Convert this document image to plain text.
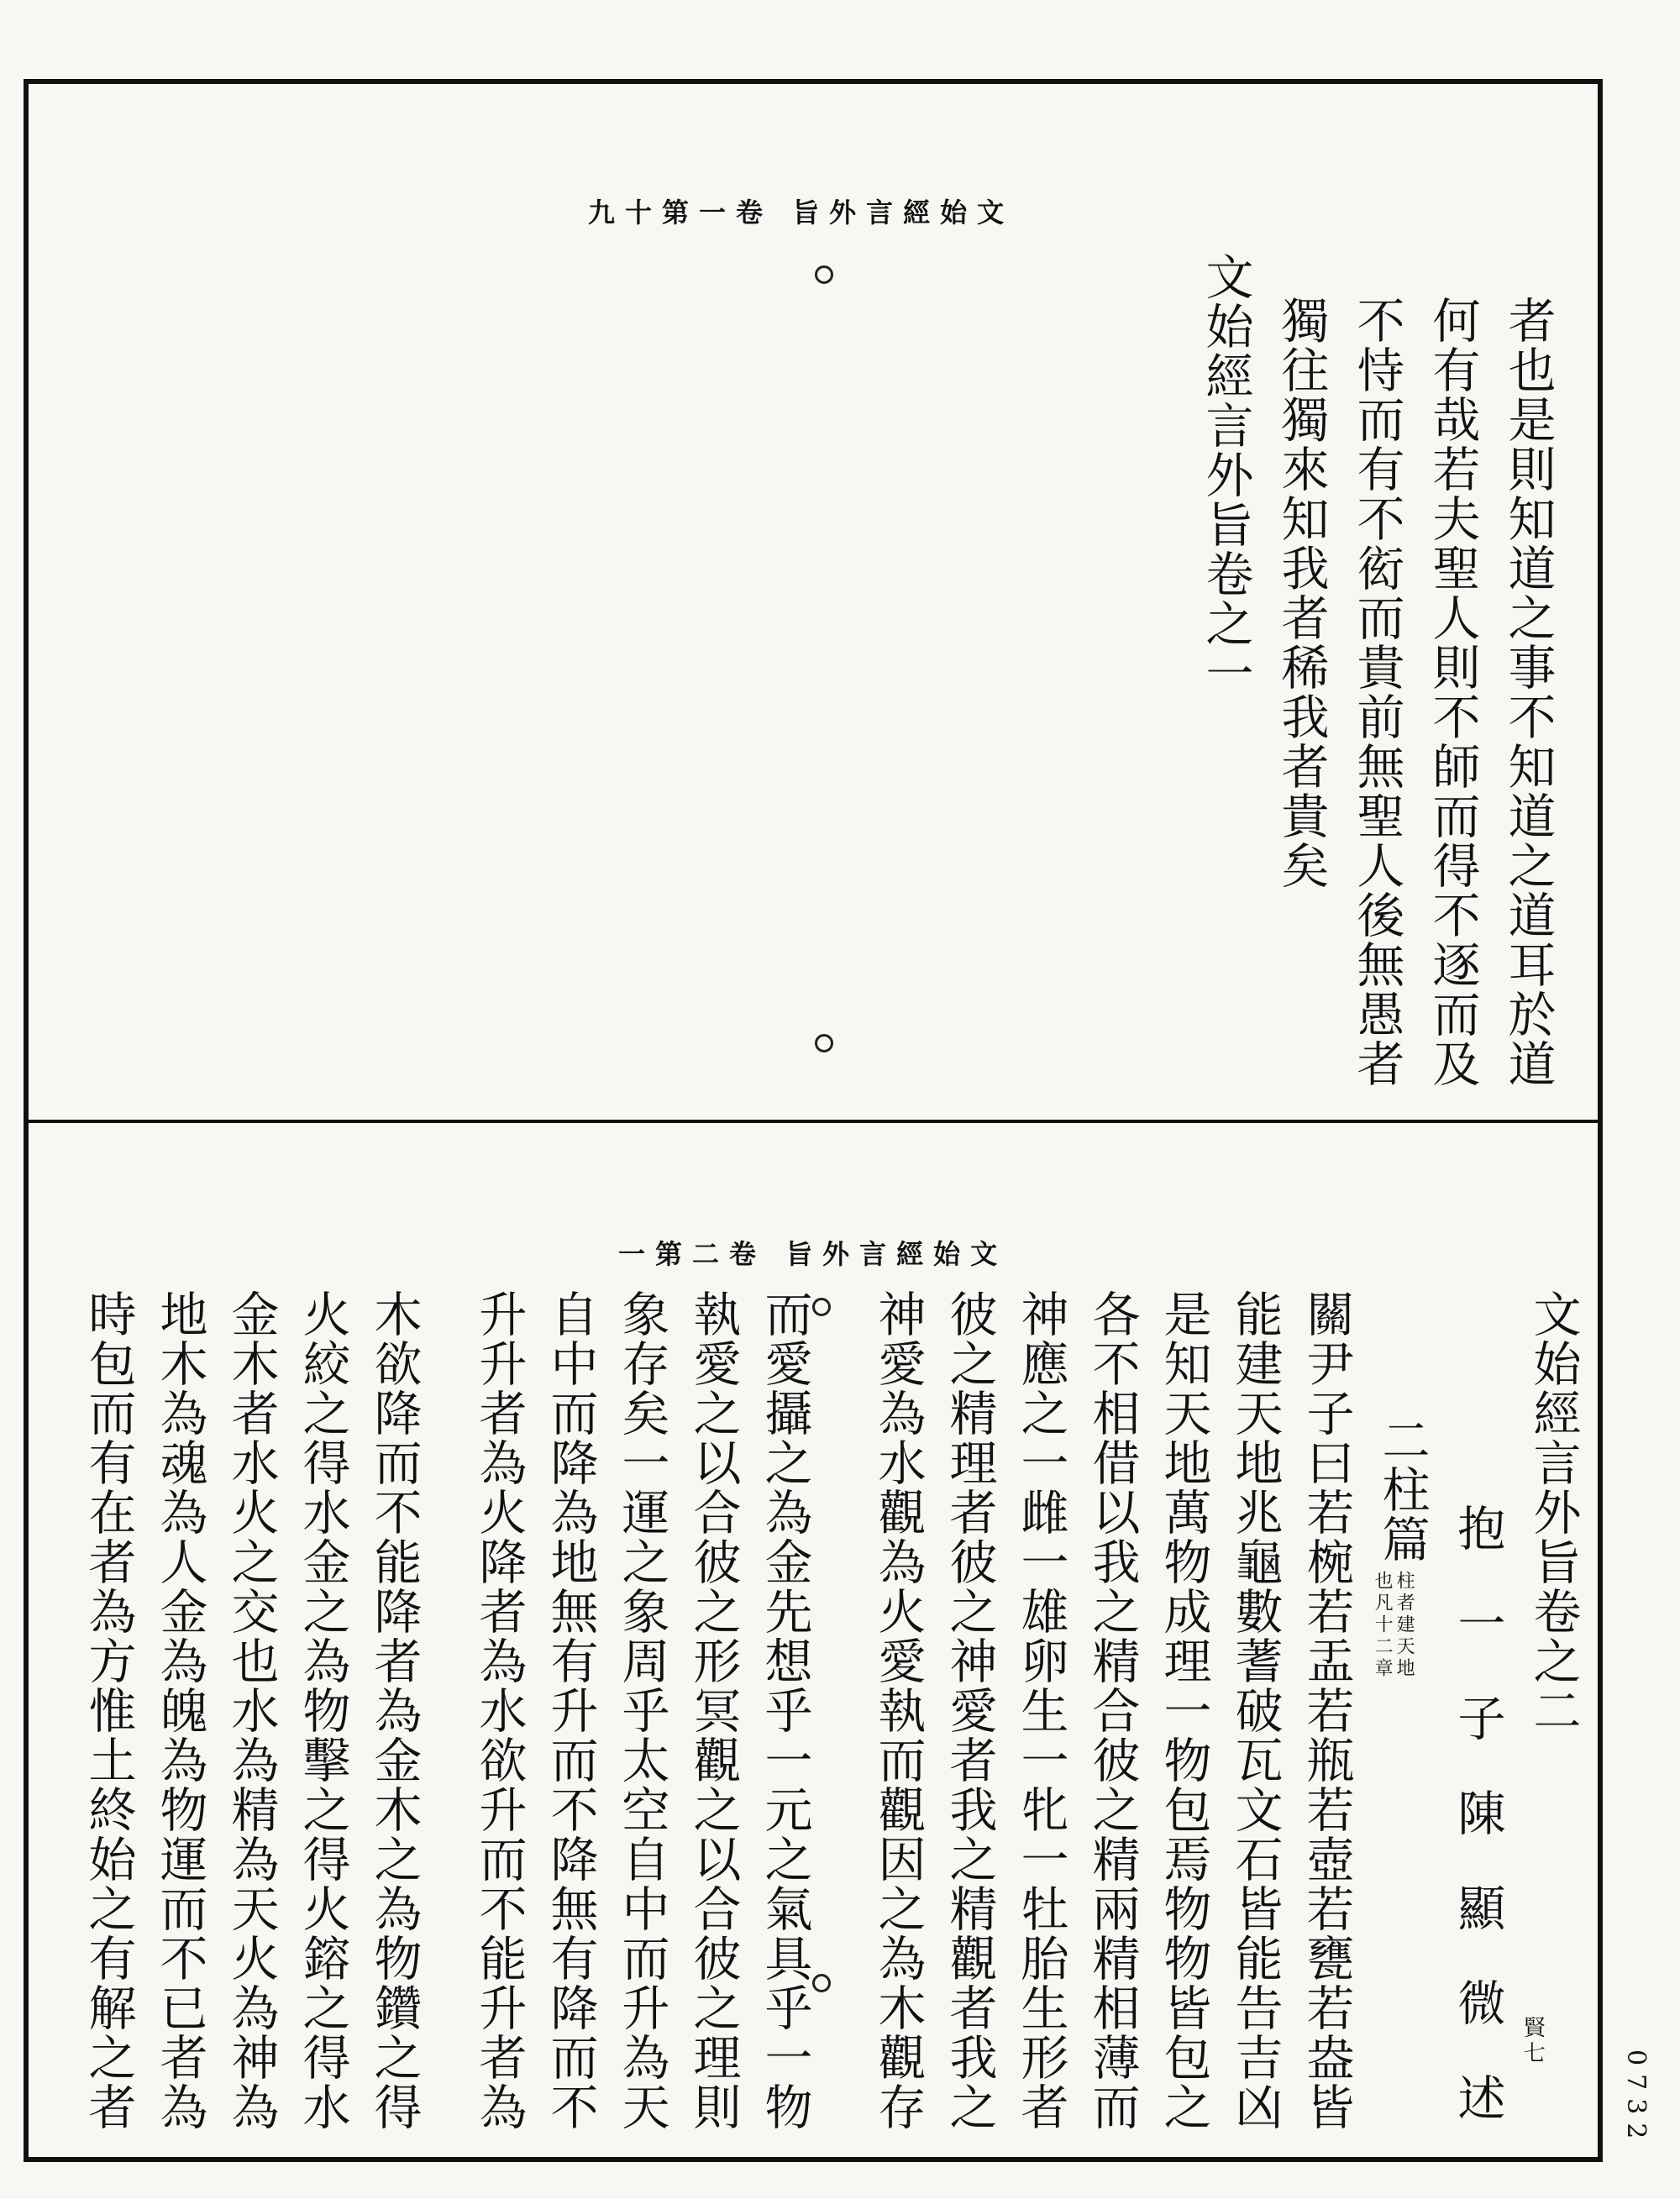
九十第一卷 旨外言經始文
者也是則知道之事不知道之道耳於道
何有哉若夫聖人則不師而得不逐而及
不恃而有不衒而貴前無聖人後無愚者
獨往獨來知我者稀我者貴矣
文始經言外旨卷之一
一第二卷 旨外言經始文
文始經言外旨卷之二
抱一子陳顯微述
二柱篇
柱者建天地
也凡十二章
關尹子曰若椀若盂若瓶若壺若甕若盎皆
能建天地兆龜數蓍破瓦文石皆能告吉凶
是知天地萬物成理一物包焉物物皆包之
各不相借以我之精合彼之精兩精相薄而
神應之一雌一雄卵生一牝一牡胎生形者
彼之精理者彼之神愛者我之精觀者我之
神愛為水觀為火愛執而觀因之為木觀存
而愛攝之為金先想乎一元之氣具乎一物
執愛之以合彼之形冥觀之以合彼之理則
象存矣一運之象周乎太空自中而升為天
自中而降為地無有升而不降無有降而不
升升者為火降者為水欲升而不能升者為
木欲降而不能降者為金木之為物鑽之得
火絞之得水金之為物擊之得火鎔之得水
金木者水火之交也水為精為天火為神為
地木為魂為人金為魄為物運而不已者為
時包而有在者為方惟土終始之有解之者	賢七
0732
